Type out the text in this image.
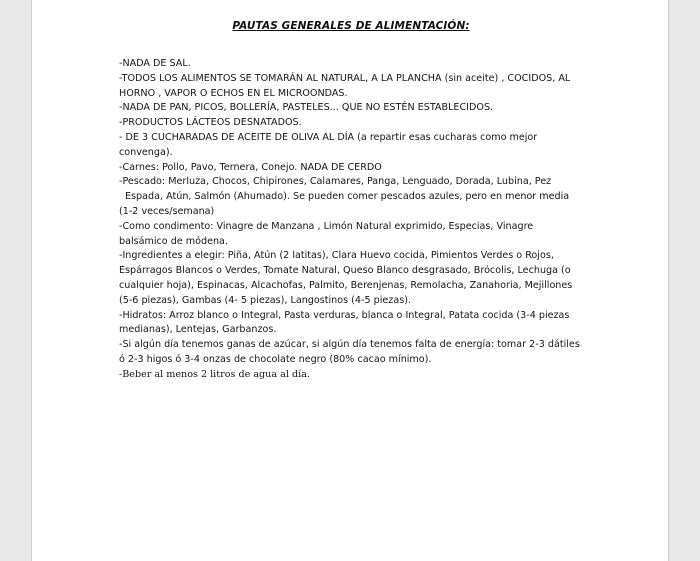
PAUTAS GENERALES DE ALIMENTACIÓN:
-NADA DE SAL.
-TODOS LOS ALIMENTOS SE TOMARÁN AL NATURAL, A LA PLANCHA (sin aceite) , COCIDOS, AL
HORNO , VAPOR O ECHOS EN EL MICROONDAS.
-NADA DE PAN, PICOS, BOLLERÍA, PASTELES... QUE NO ESTÉN ESTABLECIDOS.
-PRODUCTOS LÁCTEOS DESNATADOS.
- DE 3 CUCHARADAS DE ACEITE DE OLIVA AL DÍA (a repartir esas cucharas como mejor
convenga).
-Carnes: Pollo, Pavo, Ternera, Conejo. NADA DE CERDO
-Pescado: Merluza, Chocos, Chipirones, Calamares, Panga, Lenguado, Dorada, Lubina, Pez
Espada, Atún, Salmón (Ahumado). Se pueden comer pescados azules, pero en menor media
(1-2 veces/semana)
-Como condimento: Vinagre de Manzana , Limón Natural exprimido, Especias, Vinagre
balsámico de módena.
-Ingredientes a elegir: Piña, Atún (2 latitas), Clara Huevo cocida, Pimientos Verdes o Rojos,
Espárragos Blancos o Verdes, Tomate Natural, Queso Blanco desgrasado, Brócolis, Lechuga (o
cualquier hoja), Espinacas, Alcachofas, Palmito, Berenjenas, Remolacha, Zanahoria, Mejillones
(5-6 piezas), Gambas (4- 5 piezas), Langostinos (4-5 piezas).
-Hidratos: Arroz blanco o Integral, Pasta verduras, blanca o Integral, Patata cocida (3-4 piezas
medianas), Lentejas, Garbanzos.
-Si algún día tenemos ganas de azúcar, si algún día tenemos falta de energía: tomar 2-3 dátiles
ó 2-3 higos ó 3-4 onzas de chocolate negro (80% cacao mínimo).
-Beber al menos 2 litros de agua al día.
